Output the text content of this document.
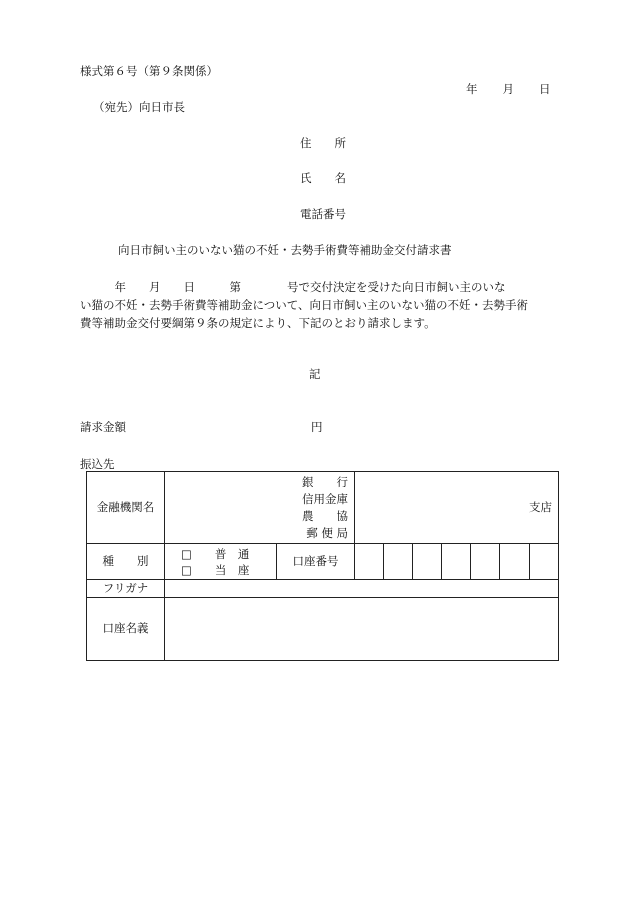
様式第６号（第９条関係）
年 月 日
（宛先）向日市長
住　　所
氏　　名
電話番号
向日市飼い主のいない猫の不妊・去勢手術費等補助金交付請求書
　　　年　　月　　日　　　第　　　　号で交付決定を受けた向日市飼い主のいな
い猫の不妊・去勢手術費等補助金について、向日市飼い主のいない猫の不妊・去勢手術
費等補助金交付要綱第９条の規定により、下記のとおり請求します。
記
請求金額	円
振込先
金融機関名	銀　　行
信用金庫
農　　協
郵 便 局		支店						
種　　別	□　　普　通
□　　当　座	口座番号							
フリガナ									
口座名義									
